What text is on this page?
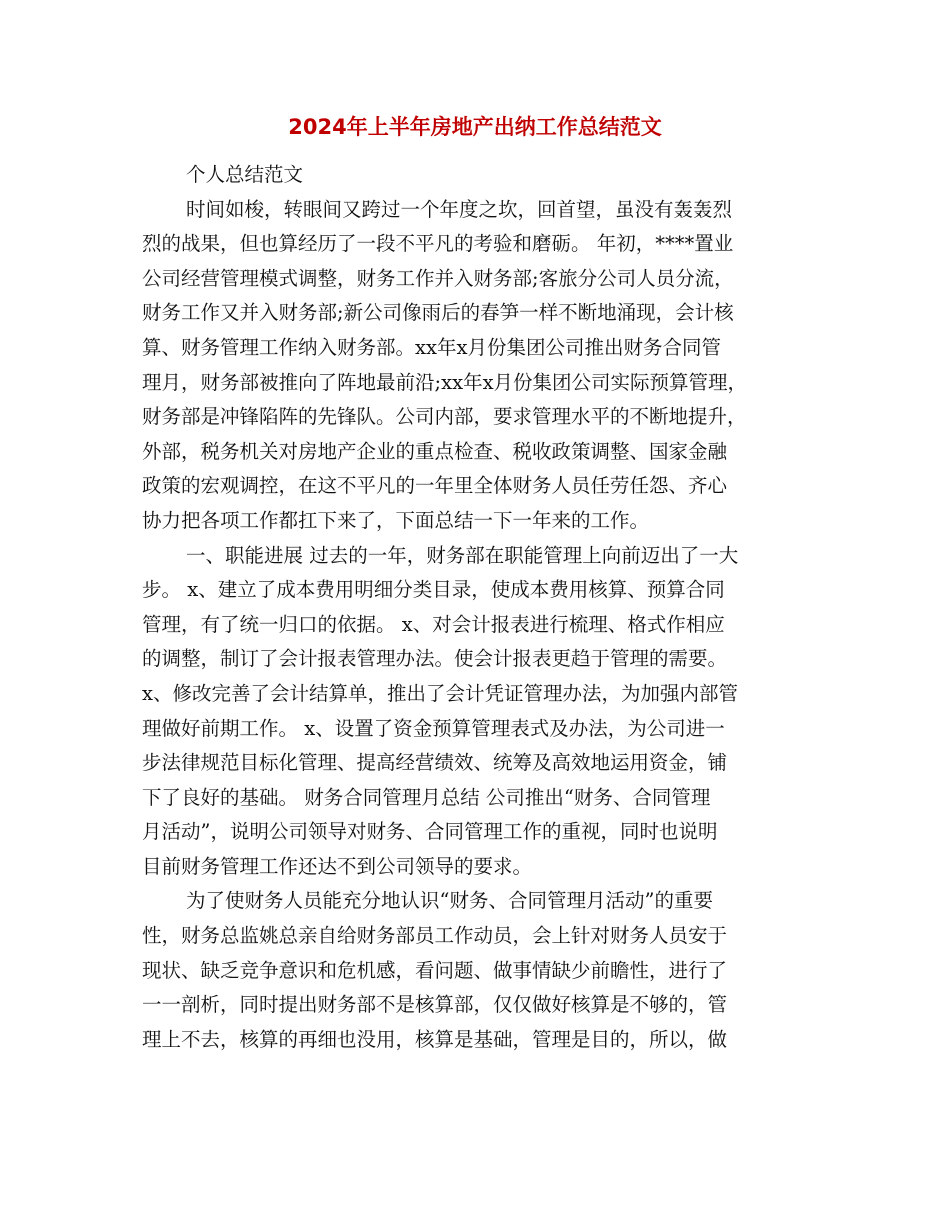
2024年上半年房地产出纳工作总结范文
个人总结范文
时间如梭，转眼间又跨过一个年度之坎，回首望，虽没有轰轰烈
烈的战果，但也算经历了一段不平凡的考验和磨砺。 年初，****置业
公司经营管理模式调整，财务工作并入财务部;客旅分公司人员分流，
财务工作又并入财务部;新公司像雨后的春笋一样不断地涌现，会计核
算、财务管理工作纳入财务部。xx年x月份集团公司推出财务合同管
理月，财务部被推向了阵地最前沿;xx年x月份集团公司实际预算管理，
财务部是冲锋陷阵的先锋队。公司内部，要求管理水平的不断地提升，
外部，税务机关对房地产企业的重点检查、税收政策调整、国家金融
政策的宏观调控，在这不平凡的一年里全体财务人员任劳任怨、齐心
协力把各项工作都扛下来了，下面总结一下一年来的工作。
一、职能进展 过去的一年，财务部在职能管理上向前迈出了一大
步。 x、建立了成本费用明细分类目录，使成本费用核算、预算合同
管理，有了统一归口的依据。 x、对会计报表进行梳理、格式作相应
的调整，制订了会计报表管理办法。使会计报表更趋于管理的需要。
x、修改完善了会计结算单，推出了会计凭证管理办法，为加强内部管
理做好前期工作。 x、设置了资金预算管理表式及办法，为公司进一
步法律规范目标化管理、提高经营绩效、统筹及高效地运用资金，铺
下了良好的基础。 财务合同管理月总结 公司推出“财务、合同管理
月活动”，说明公司领导对财务、合同管理工作的重视，同时也说明
目前财务管理工作还达不到公司领导的要求。
为了使财务人员能充分地认识“财务、合同管理月活动”的重要
性，财务总监姚总亲自给财务部员工作动员，会上针对财务人员安于
现状、缺乏竞争意识和危机感，看问题、做事情缺少前瞻性，进行了
一一剖析，同时提出财务部不是核算部，仅仅做好核算是不够的，管
理上不去，核算的再细也没用，核算是基础，管理是目的，所以，做
